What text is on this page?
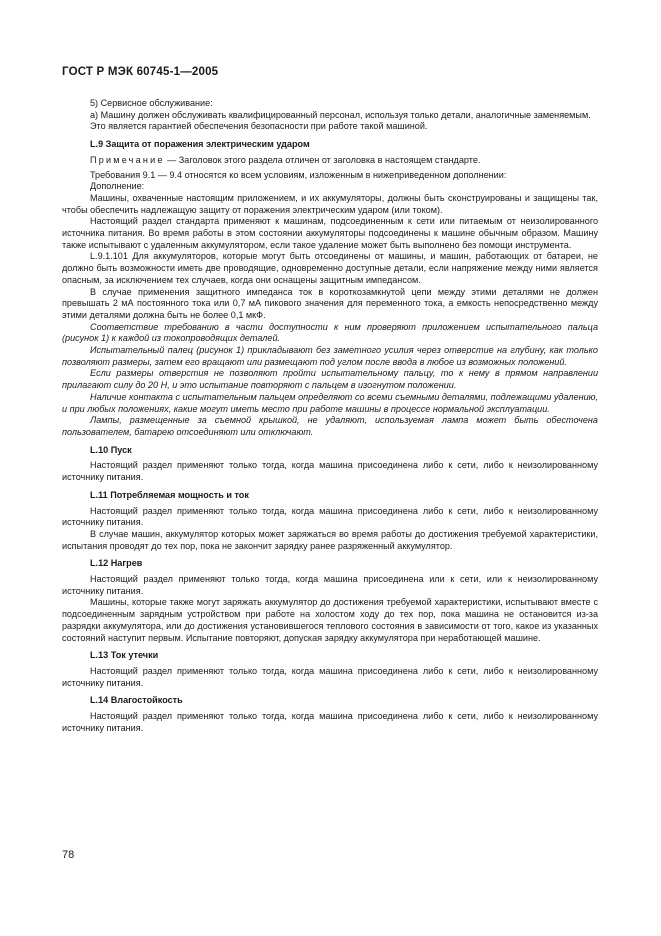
ГОСТ Р МЭК 60745-1—2005

5) Сервисное обслуживание:

а) Машину должен обслуживать квалифицированный персонал, используя только детали, аналогичные заменяемым.

Это является гарантией обеспечения безопасности при работе такой машиной.

L.9 Защита от поражения электрическим ударом

Примечание — Заголовок этого раздела отличен от заголовка в настоящем стандарте.

Требования 9.1 — 9.4 относятся ко всем условиям, изложенным в нижеприведенном дополнении:

Дополнение:

Машины, охваченные настоящим приложением, и их аккумуляторы, должны быть сконструированы и защищены так, чтобы обеспечить надлежащую защиту от поражения электрическим ударом (или током).

Настоящий раздел стандарта применяют к машинам, подсоединенным к сети или питаемым от неизолированного источника питания. Во время работы в этом состоянии аккумуляторы подсоединены к машине обычным образом. Машину также испытывают с удаленным аккумулятором, если такое удаление может быть выполнено без помощи инструмента.

L.9.1.101 Для аккумуляторов, которые могут быть отсоединены от машины, и машин, работающих от батареи, не должно быть возможности иметь две проводящие, одновременно доступные детали, если напряжение между ними является опасным, за исключением тех случаев, когда они оснащены защитным импедансом.

В случае применения защитного импеданса ток в короткозамкнутой цепи между этими деталями не должен превышать 2 мА постоянного тока или 0,7 мА пикового значения для переменного тока, а емкость непосредственно между этими деталями должна быть не более 0,1 мкФ.

Соответствие требованию в части доступности к ним проверяют приложением испытательного пальца (рисунок 1) к каждой из токопроводящих деталей.

Испытательный палец (рисунок 1) прикладывают без заметного усилия через отверстие на глубину, как только позволяют размеры, затем его вращают или размещают под углом после ввода в любое из возможных положений.

Если размеры отверстия не позволяют пройти испытательному пальцу, то к нему в прямом направлении прилагают силу до 20 Н, и это испытание повторяют с пальцем в изогнутом положении.

Наличие контакта с испытательным пальцем определяют со всеми съемными деталями, подлежащими удалению, и при любых положениях, какие могут иметь место при работе машины в процессе нормальной эксплуатации.

Лампы, размещенные за съемной крышкой, не удаляют, используемая лампа может быть обесточена пользователем, батарею отсоединяют или отключают.

L.10 Пуск

Настоящий раздел применяют только тогда, когда машина присоединена либо к сети, либо к неизолированному источнику питания.

L.11 Потребляемая мощность и ток

Настоящий раздел применяют только тогда, когда машина присоединена либо к сети, либо к неизолированному источнику питания.

В случае машин, аккумулятор которых может заряжаться во время работы до достижения требуемой характеристики, испытания проводят до тех пор, пока не закончит зарядку ранее разряженный аккумулятор.

L.12 Нагрев

Настоящий раздел применяют только тогда, когда машина присоединена или к сети, или к неизолированному источнику питания.

Машины, которые также могут заряжать аккумулятор до достижения требуемой характеристики, испытывают вместе с подсоединенным зарядным устройством при работе на холостом ходу до тех пор, пока машина не остановится из-за разрядки аккумулятора, или до достижения установившегося теплового состояния в зависимости от того, какое из указанных состояний наступит первым. Испытание повторяют, допуская зарядку аккумулятора при неработающей машине.

L.13 Ток утечки

Настоящий раздел применяют только тогда, когда машина присоединена либо к сети, либо к неизолированному источнику питания.

L.14 Влагостойкость

Настоящий раздел применяют только тогда, когда машина присоединена либо к сети, либо к неизолированному источнику питания.

78
